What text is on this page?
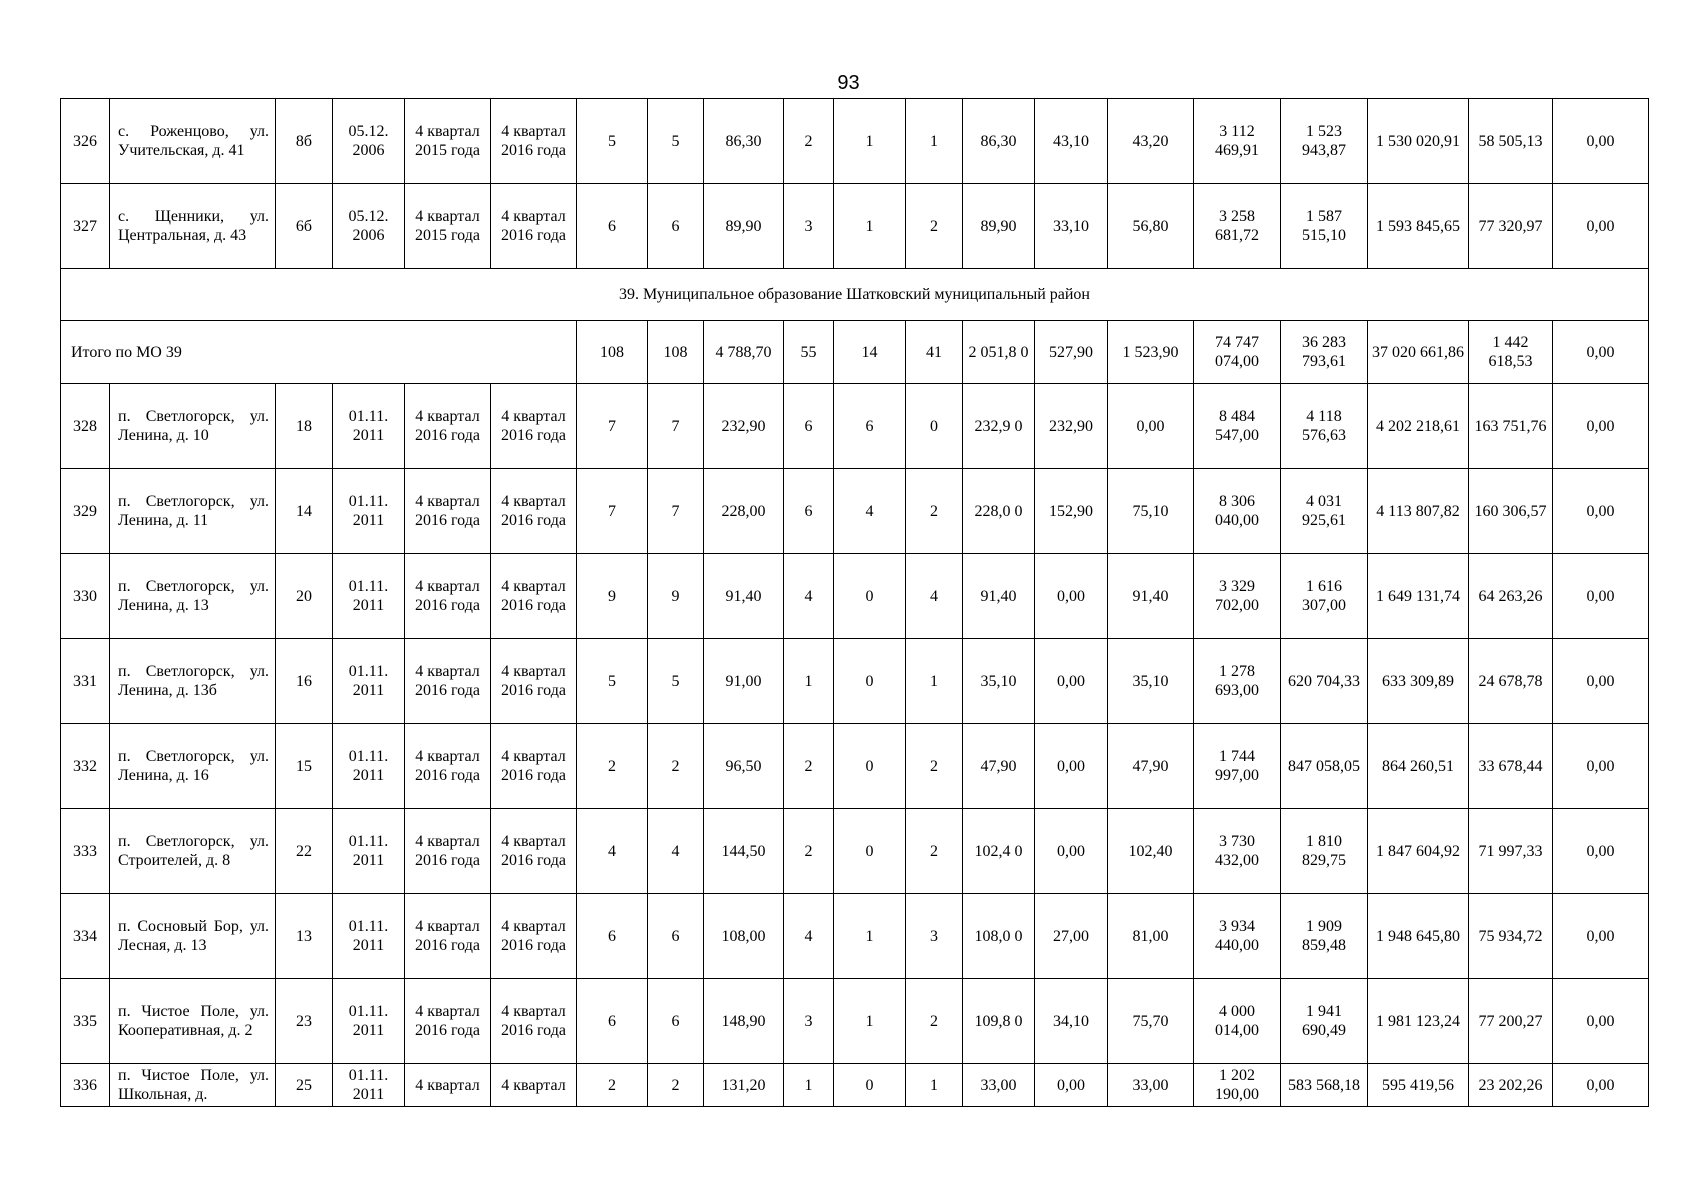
93
326	с. Роженцово, ул. Учительская, д. 41	8б	05.12. 2006	4 квартал 2015 года	4 квартал 2016 года	5	5	86,30	2	1	1	86,30	43,10	43,20	3 112 469,91	1 523 943,87	1 530 020,91	58 505,13	0,00
327	с. Щенники, ул. Центральная, д. 43	6б	05.12. 2006	4 квартал 2015 года	4 квартал 2016 года	6	6	89,90	3	1	2	89,90	33,10	56,80	3 258 681,72	1 587 515,10	1 593 845,65	77 320,97	0,00
39. Муниципальное образование Шатковский муниципальный район																			
Итого по МО 39						108	108	4 788,70	55	14	41	2 051,8 0	527,90	1 523,90	74 747 074,00	36 283 793,61	37 020 661,86	1 442 618,53	0,00
328	п. Светлогорск, ул. Ленина, д. 10	18	01.11. 2011	4 квартал 2016 года	4 квартал 2016 года	7	7	232,90	6	6	0	232,9 0	232,90	0,00	8 484 547,00	4 118 576,63	4 202 218,61	163 751,76	0,00
329	п. Светлогорск, ул. Ленина, д. 11	14	01.11. 2011	4 квартал 2016 года	4 квартал 2016 года	7	7	228,00	6	4	2	228,0 0	152,90	75,10	8 306 040,00	4 031 925,61	4 113 807,82	160 306,57	0,00
330	п. Светлогорск, ул. Ленина, д. 13	20	01.11. 2011	4 квартал 2016 года	4 квартал 2016 года	9	9	91,40	4	0	4	91,40	0,00	91,40	3 329 702,00	1 616 307,00	1 649 131,74	64 263,26	0,00
331	п. Светлогорск, ул. Ленина, д. 13б	16	01.11. 2011	4 квартал 2016 года	4 квартал 2016 года	5	5	91,00	1	0	1	35,10	0,00	35,10	1 278 693,00	620 704,33	633 309,89	24 678,78	0,00
332	п. Светлогорск, ул. Ленина, д. 16	15	01.11. 2011	4 квартал 2016 года	4 квартал 2016 года	2	2	96,50	2	0	2	47,90	0,00	47,90	1 744 997,00	847 058,05	864 260,51	33 678,44	0,00
333	п. Светлогорск, ул. Строителей, д. 8	22	01.11. 2011	4 квартал 2016 года	4 квартал 2016 года	4	4	144,50	2	0	2	102,4 0	0,00	102,40	3 730 432,00	1 810 829,75	1 847 604,92	71 997,33	0,00
334	п. Сосновый Бор, ул. Лесная, д. 13	13	01.11. 2011	4 квартал 2016 года	4 квартал 2016 года	6	6	108,00	4	1	3	108,0 0	27,00	81,00	3 934 440,00	1 909 859,48	1 948 645,80	75 934,72	0,00
335	п. Чистое Поле, ул. Кооперативная, д. 2	23	01.11. 2011	4 квартал 2016 года	4 квартал 2016 года	6	6	148,90	3	1	2	109,8 0	34,10	75,70	4 000 014,00	1 941 690,49	1 981 123,24	77 200,27	0,00
336	п. Чистое Поле, ул. Школьная, д.	25	01.11. 2011	4 квартал	4 квартал	2	2	131,20	1	0	1	33,00	0,00	33,00	1 202 190,00	583 568,18	595 419,56	23 202,26	0,00
